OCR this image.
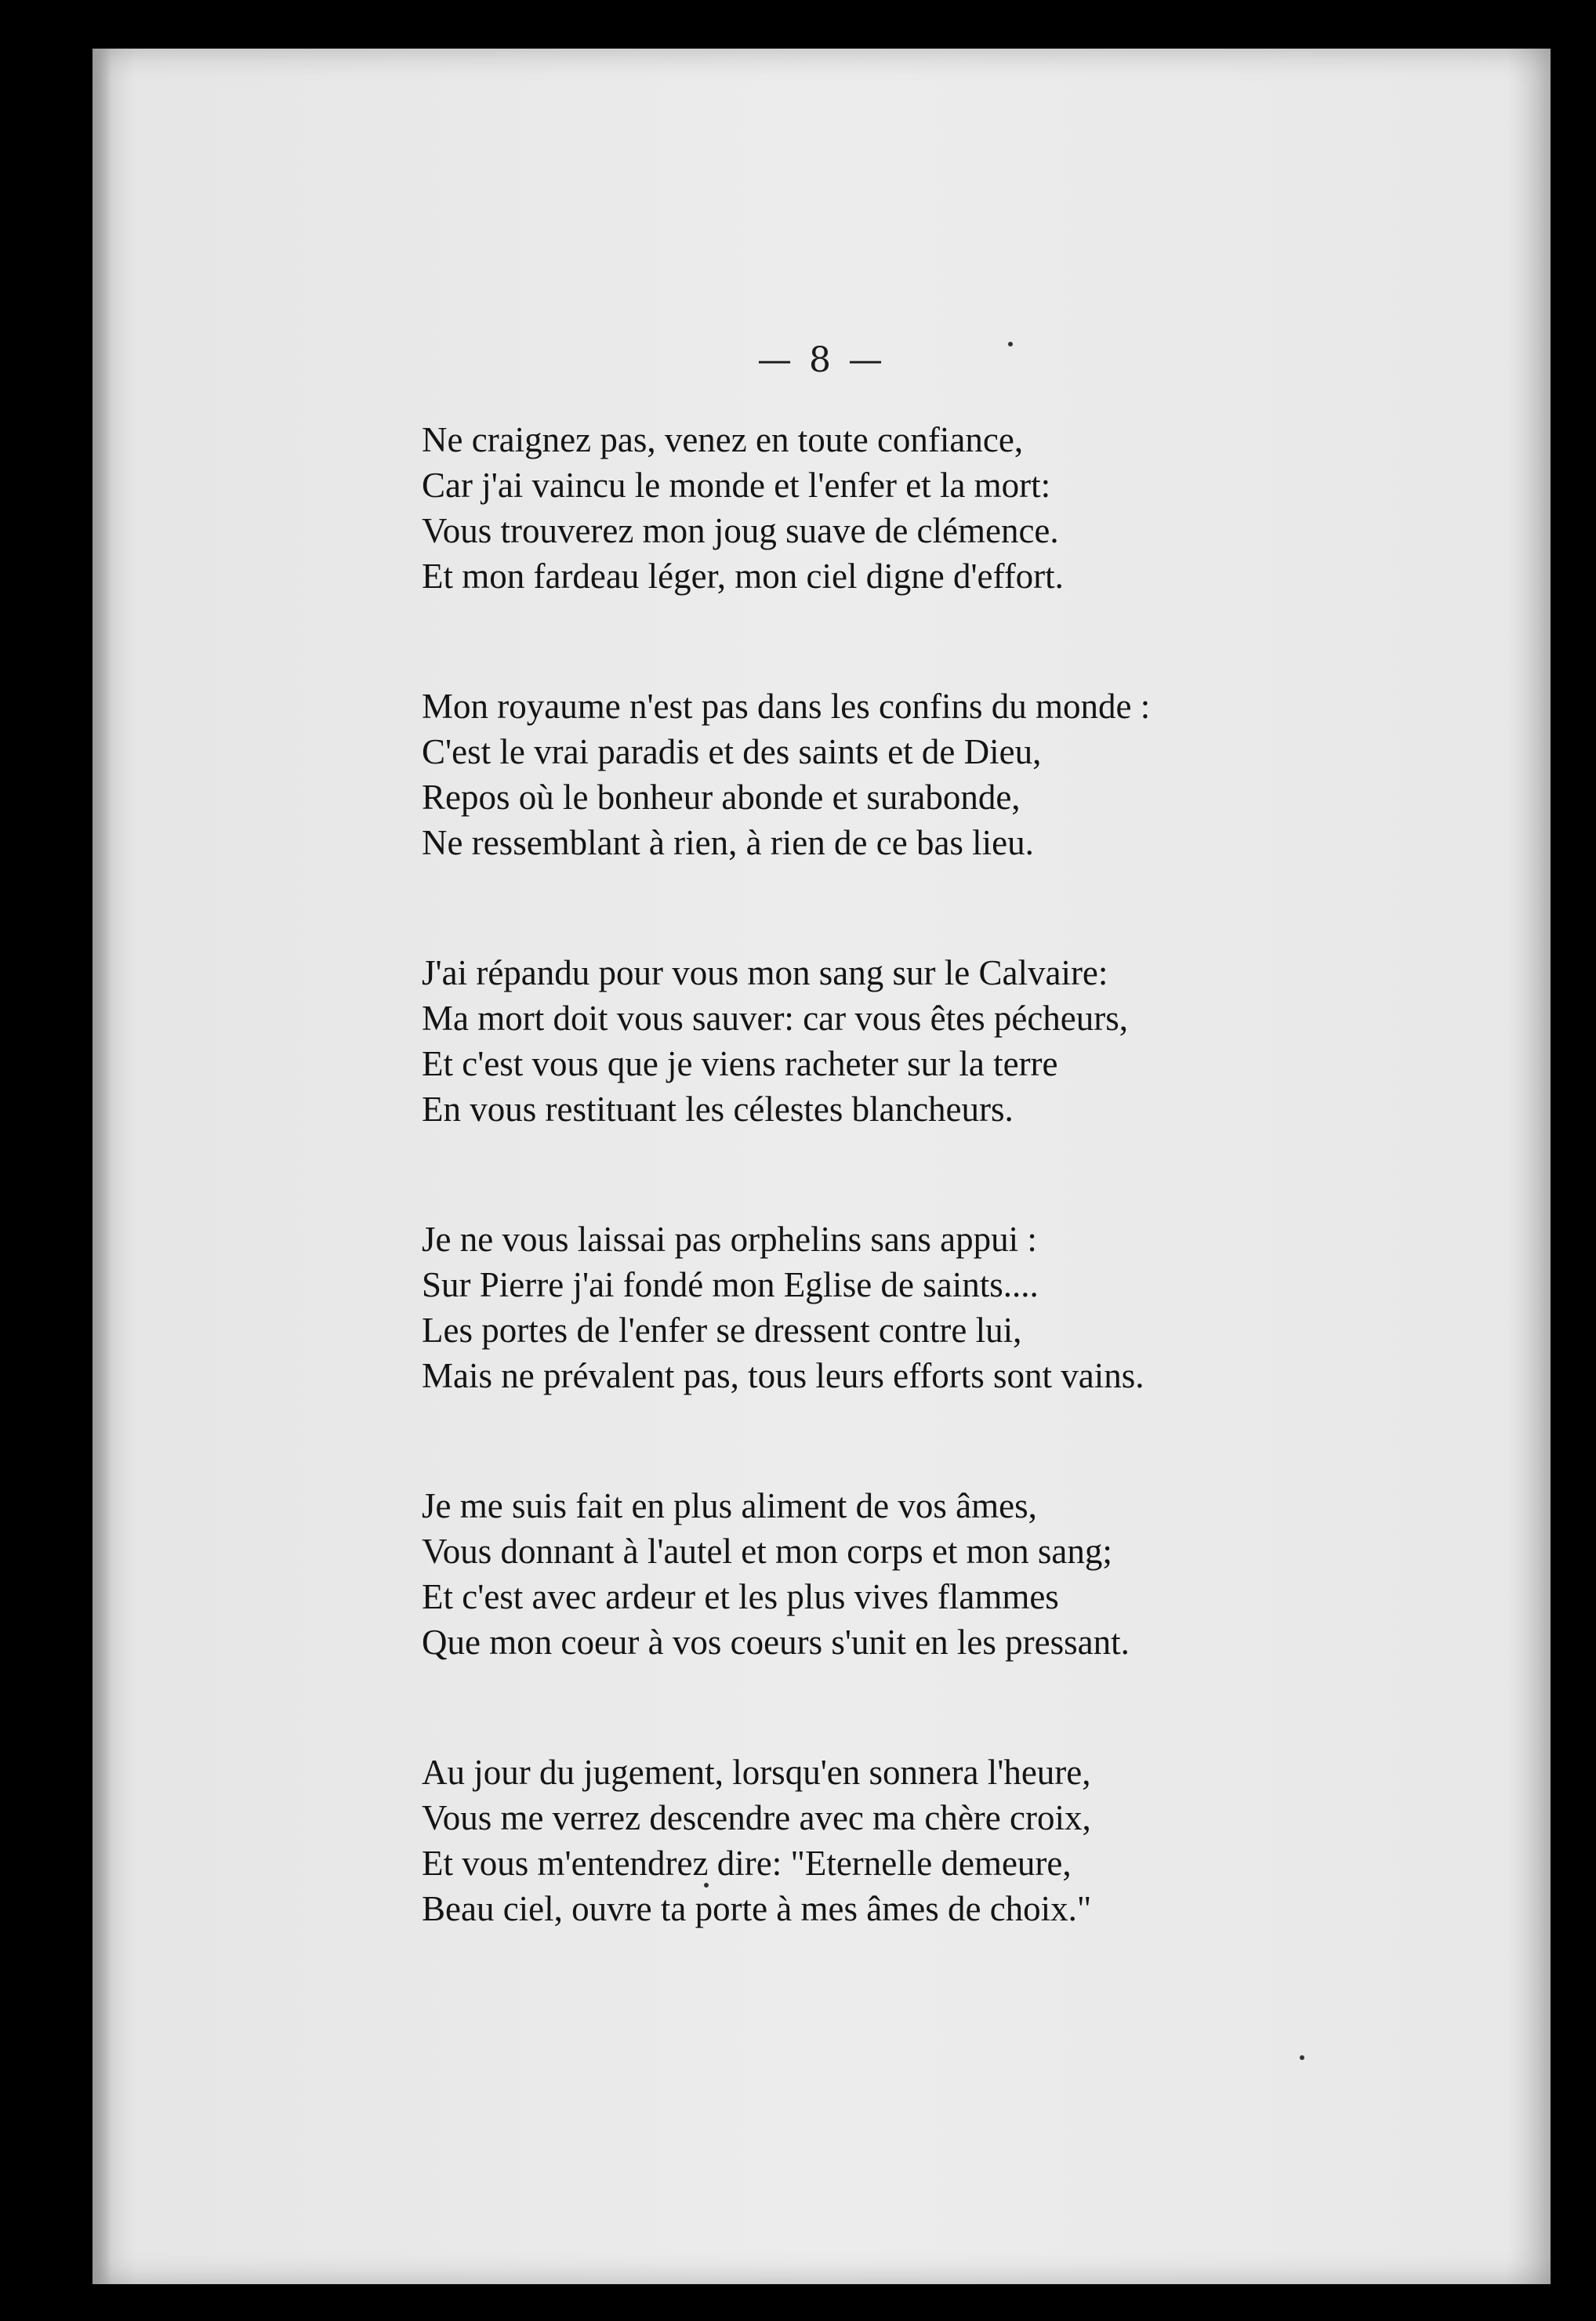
— 8 —
Ne craignez pas, venez en toute confiance,
Car j'ai vaincu le monde et l'enfer et la mort:
Vous trouverez mon joug suave de clémence.
Et mon fardeau léger, mon ciel digne d'effort.
Mon royaume n'est pas dans les confins du monde :
C'est le vrai paradis et des saints et de Dieu,
Repos où le bonheur abonde et surabonde,
Ne ressemblant à rien, à rien de ce bas lieu.
J'ai répandu pour vous mon sang sur le Calvaire:
Ma mort doit vous sauver: car vous êtes pécheurs,
Et c'est vous que je viens racheter sur la terre
En vous restituant les célestes blancheurs.
Je ne vous laissai pas orphelins sans appui :
Sur Pierre j'ai fondé mon Eglise de saints....
Les portes de l'enfer se dressent contre lui,
Mais ne prévalent pas, tous leurs efforts sont vains.
Je me suis fait en plus aliment de vos âmes,
Vous donnant à l'autel et mon corps et mon sang;
Et c'est avec ardeur et les plus vives flammes
Que mon coeur à vos coeurs s'unit en les pressant.
Au jour du jugement, lorsqu'en sonnera l'heure,
Vous me verrez descendre avec ma chère croix,
Et vous m'entendrez dire: "Eternelle demeure,
Beau ciel, ouvre ta porte à mes âmes de choix."
